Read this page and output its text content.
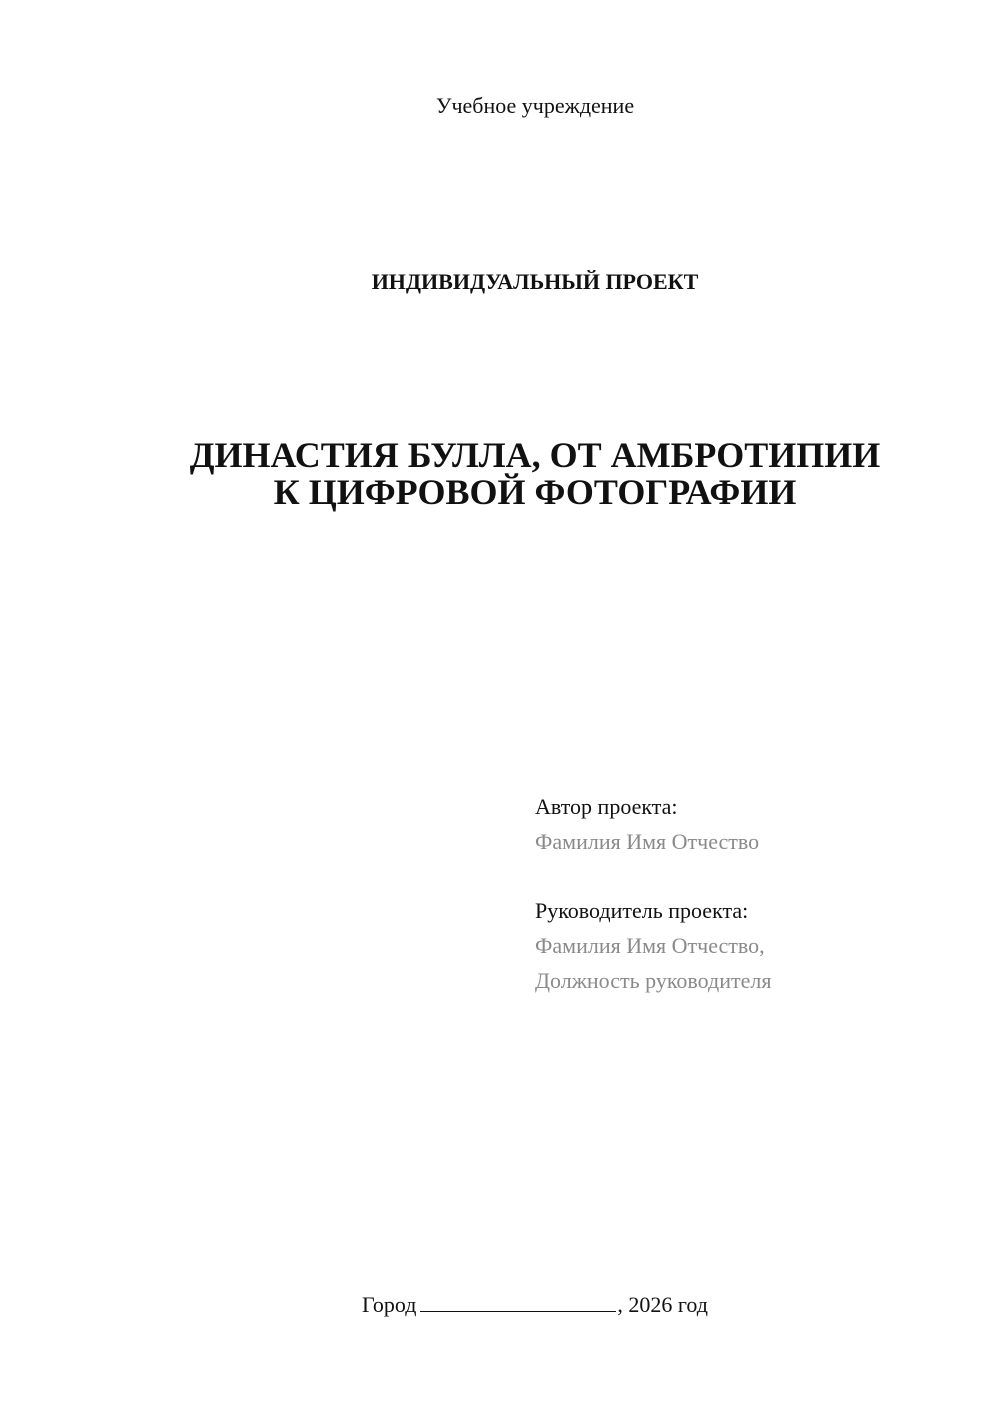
Учебное учреждение
ИНДИВИДУАЛЬНЫЙ ПРОЕКТ
ДИНАСТИЯ БУЛЛА, ОТ АМБРОТИПИИ
К ЦИФРОВОЙ ФОТОГРАФИИ
Автор проекта:
Фамилия Имя Отчество
Руководитель проекта:
Фамилия Имя Отчество,
Должность руководителя
Город	, 2026 год
